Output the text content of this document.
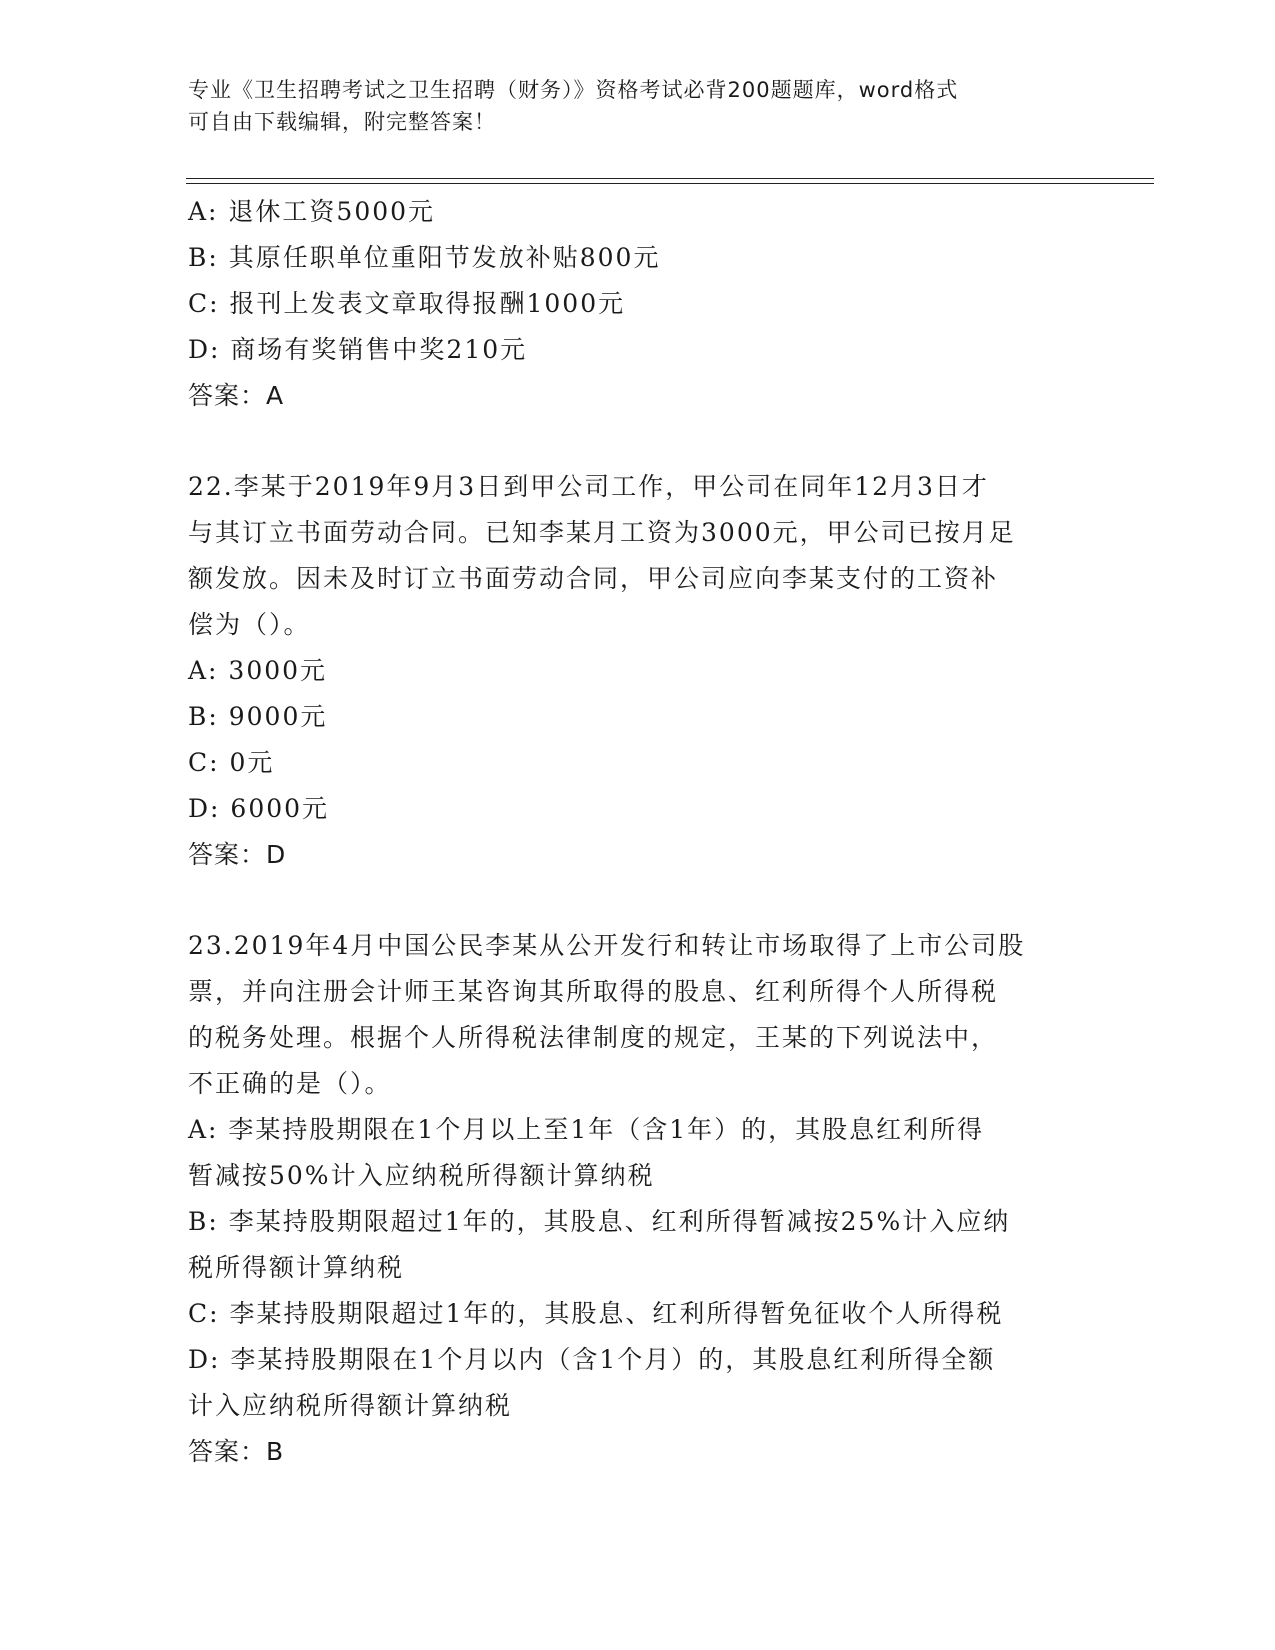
专业《卫生招聘考试之卫生招聘（财务）》资格考试必背200题题库，word格式
可自由下载编辑，附完整答案！
A: 退休工资5000元
B: 其原任职单位重阳节发放补贴800元
C: 报刊上发表文章取得报酬1000元
D: 商场有奖销售中奖210元
答案：A
22.李某于2019年9月3日到甲公司工作，甲公司在同年12月3日才
与其订立书面劳动合同。已知李某月工资为3000元，甲公司已按月足
额发放。因未及时订立书面劳动合同，甲公司应向李某支付的工资补
偿为（）。
A: 3000元
B: 9000元
C: 0元
D: 6000元
答案：D
23.2019年4月中国公民李某从公开发行和转让市场取得了上市公司股
票，并向注册会计师王某咨询其所取得的股息、红利所得个人所得税
的税务处理。根据个人所得税法律制度的规定，王某的下列说法中，
不正确的是（）。
A: 李某持股期限在1个月以上至1年（含1年）的，其股息红利所得
暂减按50%计入应纳税所得额计算纳税
B: 李某持股期限超过1年的，其股息、红利所得暂减按25%计入应纳
税所得额计算纳税
C: 李某持股期限超过1年的，其股息、红利所得暂免征收个人所得税
D: 李某持股期限在1个月以内（含1个月）的，其股息红利所得全额
计入应纳税所得额计算纳税
答案：B
